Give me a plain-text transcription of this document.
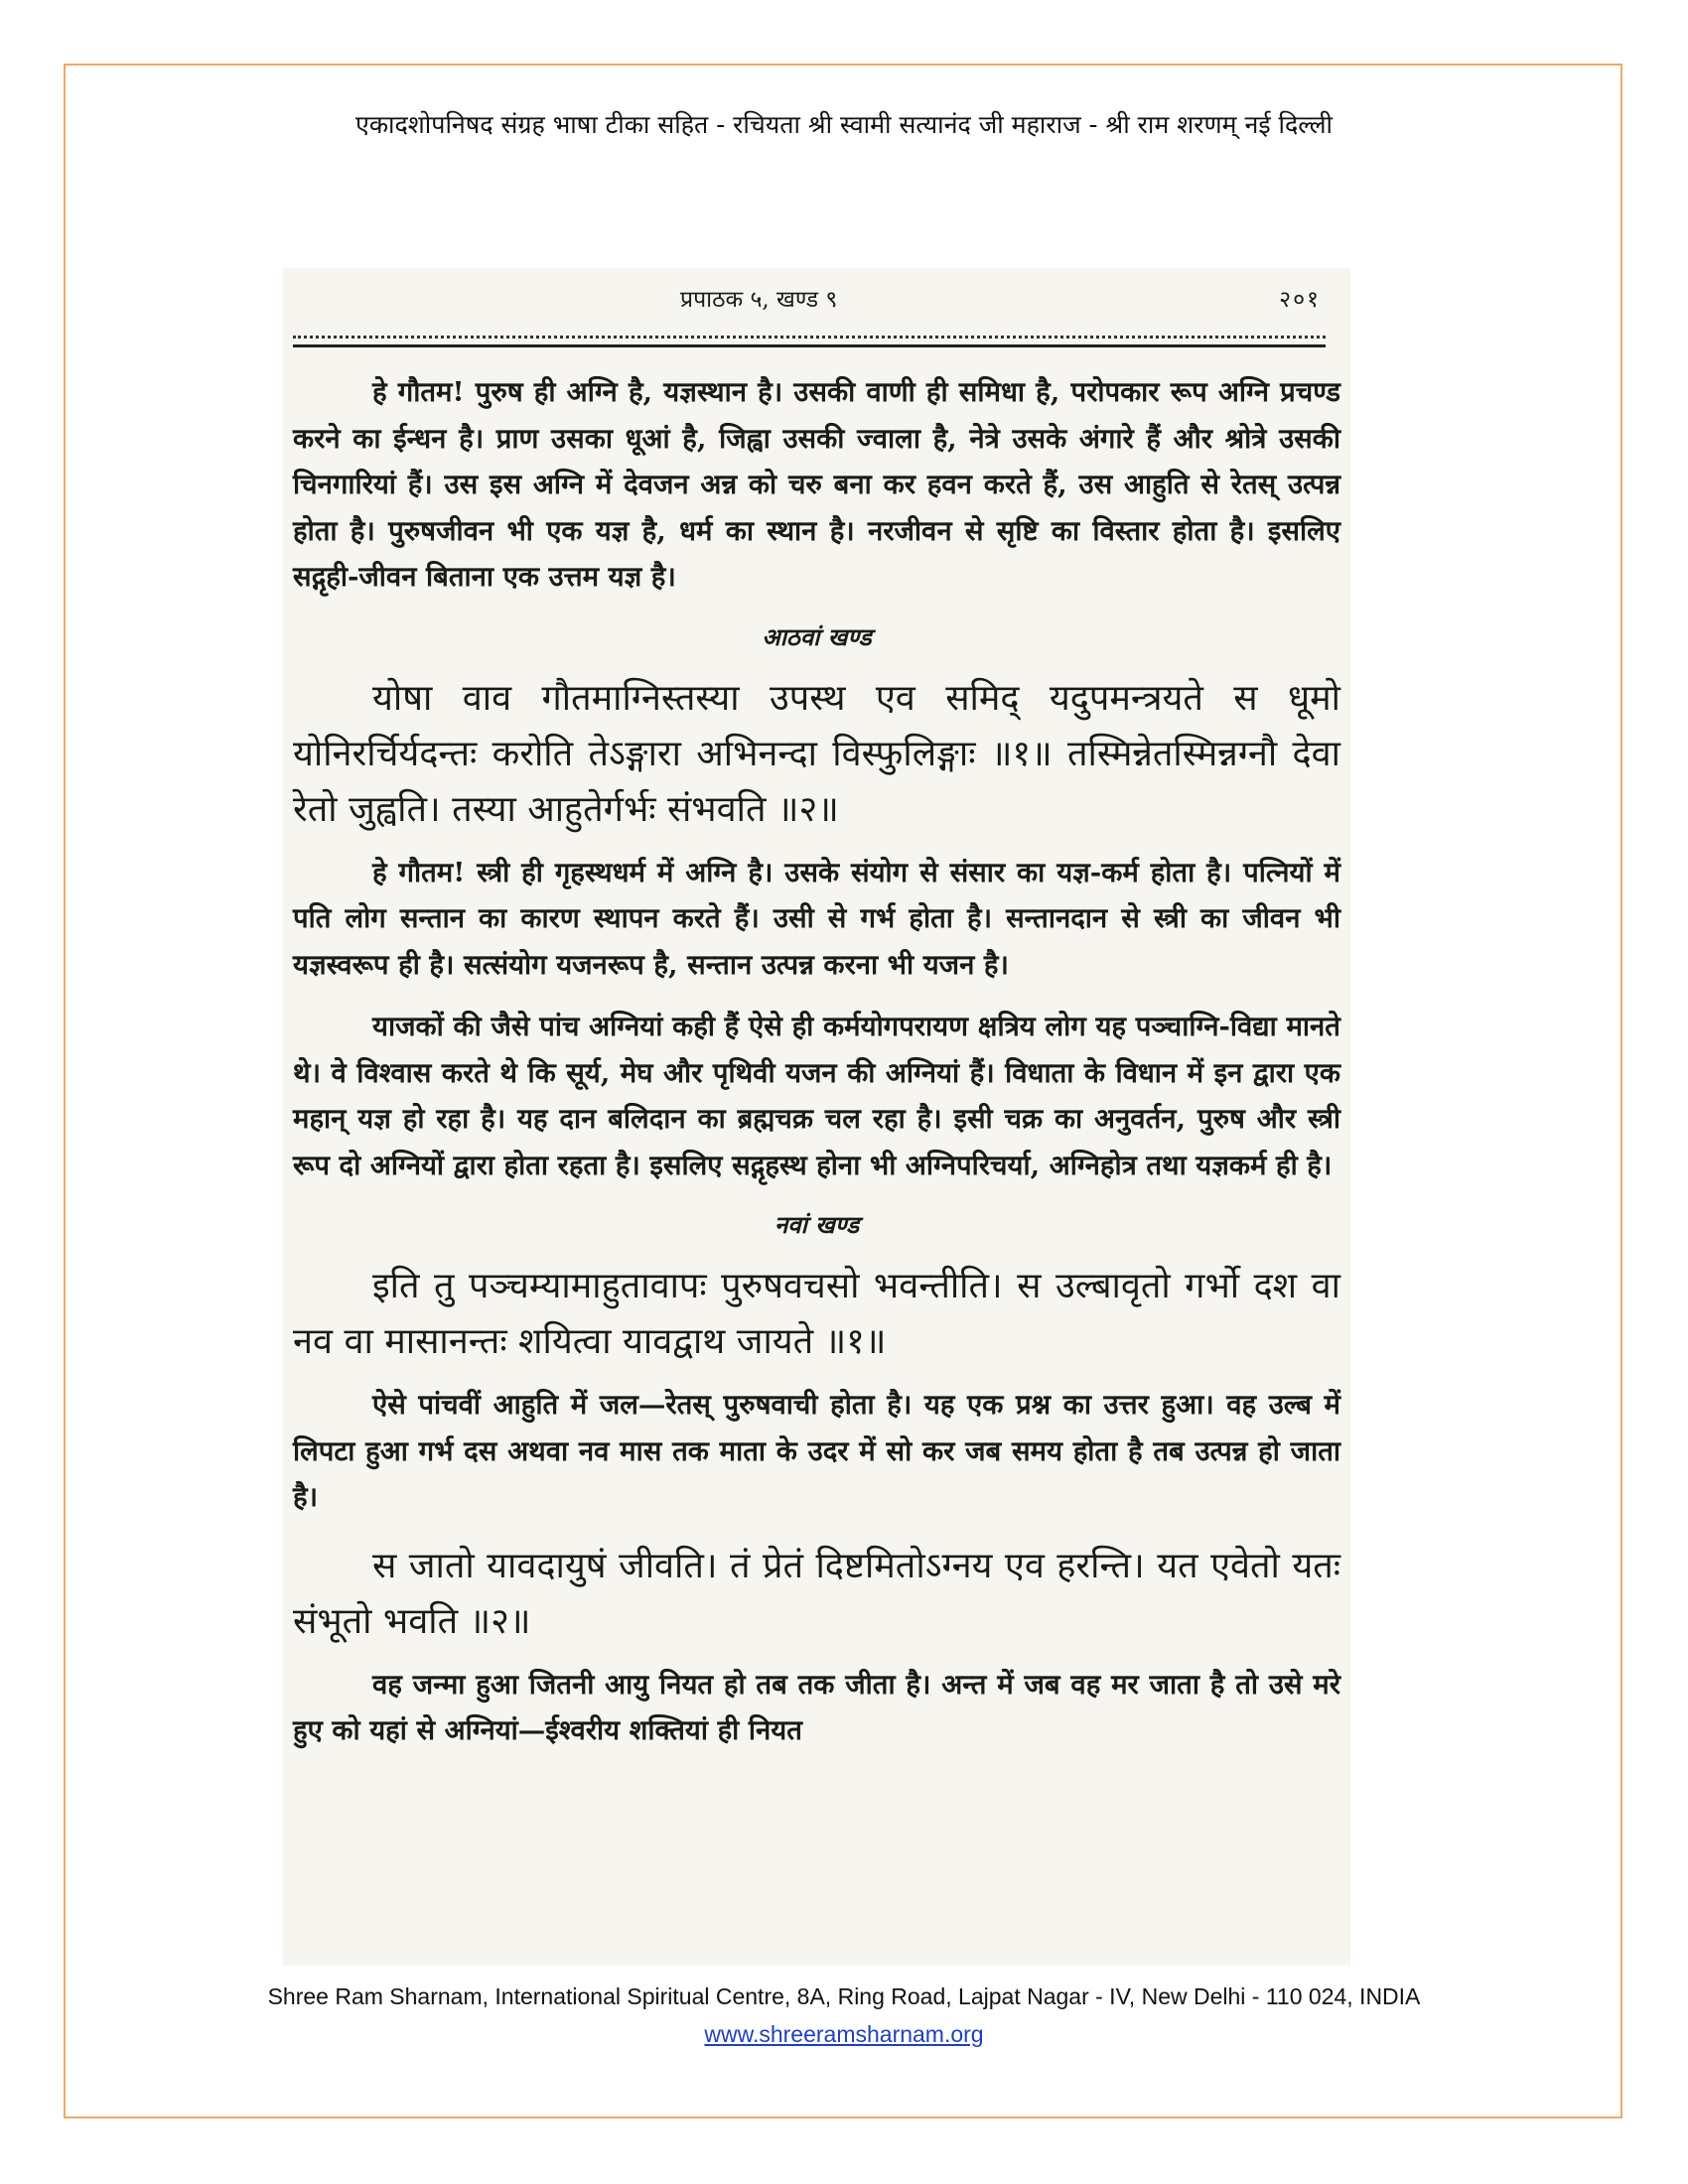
एकादशोपनिषद संग्रह भाषा टीका सहित - रचियता श्री स्वामी सत्यानंद जी महाराज - श्री राम शरणम् नई दिल्ली
प्रपाठक ५, खण्ड ९	२०१

हे गौतम! पुरुष ही अग्नि है, यज्ञस्थान है। उसकी वाणी ही समिधा है, परोपकार रूप अग्नि प्रचण्ड करने का ईन्धन है। प्राण उसका धूआं है, जिह्वा उसकी ज्वाला है, नेत्रे उसके अंगारे हैं और श्रोत्रे उसकी चिनगारियां हैं। उस इस अग्नि में देवजन अन्न को चरु बना कर हवन करते हैं, उस आहुति से रेतस् उत्पन्न होता है। पुरुषजीवन भी एक यज्ञ है, धर्म का स्थान है। नरजीवन से सृष्टि का विस्तार होता है। इसलिए सद्गृही-जीवन बिताना एक उत्तम यज्ञ है।

आठवां खण्ड

योषा वाव गौतमाग्निस्तस्या उपस्थ एव समिद् यदुपमन्त्रयते स धूमो योनिरर्चिर्यदन्तः करोति तेऽङ्गारा अभिनन्दा विस्फुलिङ्गाः ॥१॥ तस्मिन्नेतस्मिन्नग्नौ देवा रेतो जुह्वति। तस्या आहुतेर्गर्भः संभवति ॥२॥

हे गौतम! स्त्री ही गृहस्थधर्म में अग्नि है। उसके संयोग से संसार का यज्ञ-कर्म होता है। पत्नियों में पति लोग सन्तान का कारण स्थापन करते हैं। उसी से गर्भ होता है। सन्तानदान से स्त्री का जीवन भी यज्ञस्वरूप ही है। सत्संयोग यजनरूप है, सन्तान उत्पन्न करना भी यजन है।

याजकों की जैसे पांच अग्नियां कही हैं ऐसे ही कर्मयोगपरायण क्षत्रिय लोग यह पञ्चाग्नि-विद्या मानते थे। वे विश्वास करते थे कि सूर्य, मेघ और पृथिवी यजन की अग्नियां हैं। विधाता के विधान में इन द्वारा एक महान् यज्ञ हो रहा है। यह दान बलिदान का ब्रह्मचक्र चल रहा है। इसी चक्र का अनुवर्तन, पुरुष और स्त्री रूप दो अग्नियों द्वारा होता रहता है। इसलिए सद्गृहस्थ होना भी अग्निपरिचर्या, अग्निहोत्र तथा यज्ञकर्म ही है।

नवां खण्ड

इति तु पञ्चम्यामाहुतावापः पुरुषवचसो भवन्तीति। स उल्बावृतो गर्भो दश वा नव वा मासानन्तः शयित्वा यावद्वाथ जायते ॥१॥

ऐसे पांचवीं आहुति में जल—रेतस् पुरुषवाची होता है। यह एक प्रश्न का उत्तर हुआ। वह उल्ब में लिपटा हुआ गर्भ दस अथवा नव मास तक माता के उदर में सो कर जब समय होता है तब उत्पन्न हो जाता है।

स जातो यावदायुषं जीवति। तं प्रेतं दिष्टमितोऽग्नय एव हरन्ति। यत एवेतो यतः संभूतो भवति ॥२॥

वह जन्मा हुआ जितनी आयु नियत हो तब तक जीता है। अन्त में जब वह मर जाता है तो उसे मरे हुए को यहां से अग्नियां—ईश्वरीय शक्तियां ही नियत

Shree Ram Sharnam, International Spiritual Centre, 8A, Ring Road, Lajpat Nagar - IV, New Delhi - 110 024, INDIA
www.shreeramsharnam.org
